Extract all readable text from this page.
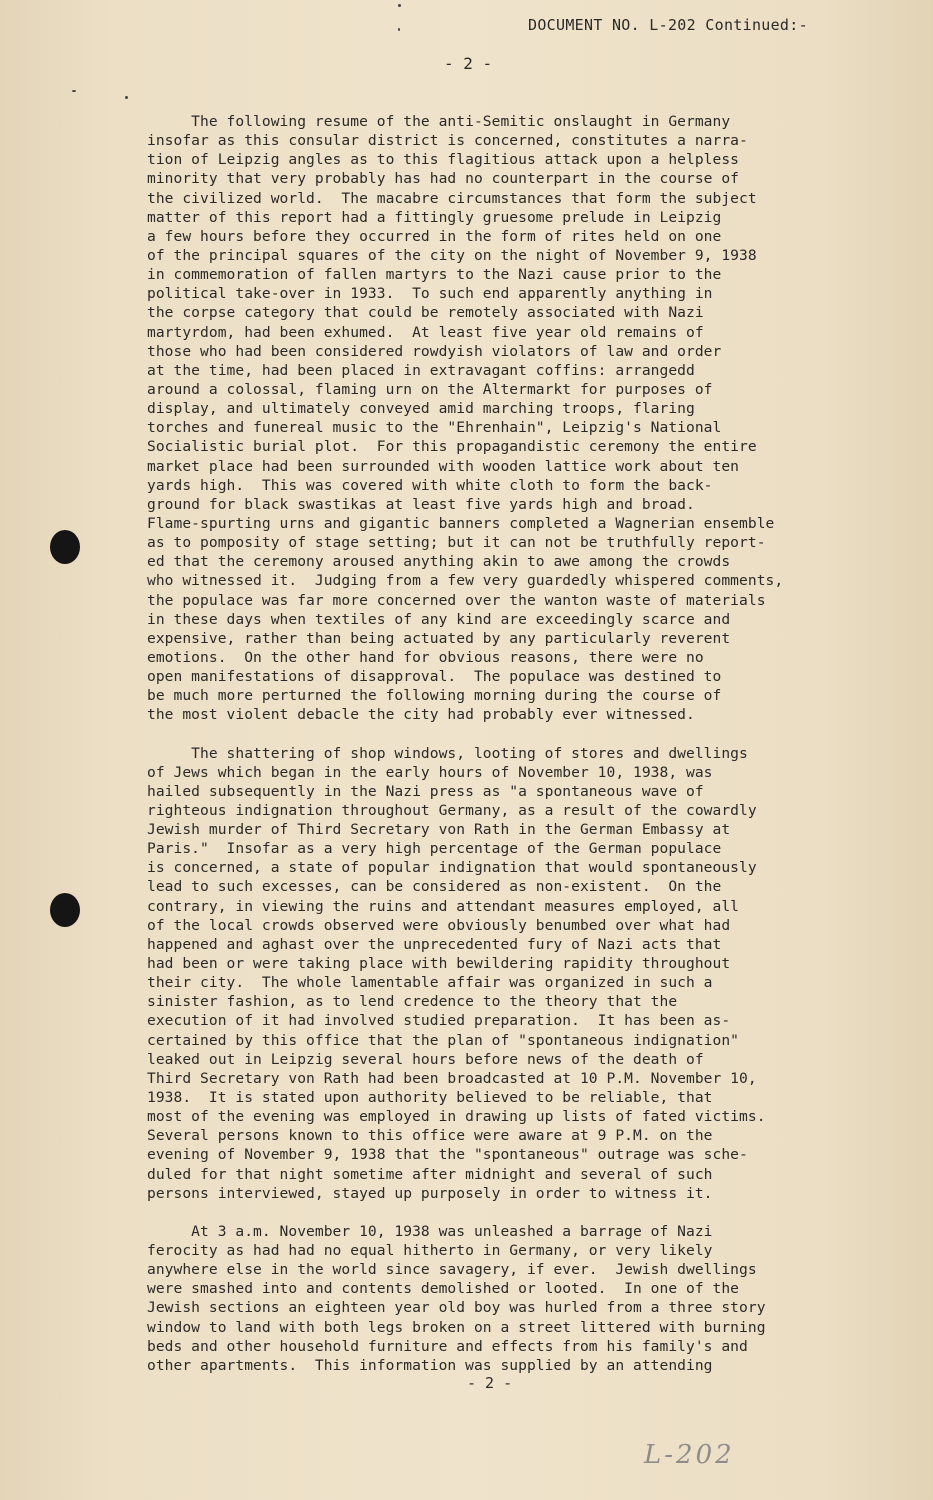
DOCUMENT NO. L-202 Continued:-
- 2 -
The following resume of the anti-Semitic onslaught in Germany
insofar as this consular district is concerned, constitutes a narra-
tion of Leipzig angles as to this flagitious attack upon a helpless
minority that very probably has had no counterpart in the course of
the civilized world.  The macabre circumstances that form the subject
matter of this report had a fittingly gruesome prelude in Leipzig
a few hours before they occurred in the form of rites held on one
of the principal squares of the city on the night of November 9, 1938
in commemoration of fallen martyrs to the Nazi cause prior to the
political take-over in 1933.  To such end apparently anything in
the corpse category that could be remotely associated with Nazi
martyrdom, had been exhumed.  At least five year old remains of
those who had been considered rowdyish violators of law and order
at the time, had been placed in extravagant coffins: arrangedd
around a colossal, flaming urn on the Altermarkt for purposes of
display, and ultimately conveyed amid marching troops, flaring
torches and funereal music to the "Ehrenhain", Leipzig's National
Socialistic burial plot.  For this propagandistic ceremony the entire
market place had been surrounded with wooden lattice work about ten
yards high.  This was covered with white cloth to form the back-
ground for black swastikas at least five yards high and broad.
Flame-spurting urns and gigantic banners completed a Wagnerian ensemble
as to pomposity of stage setting; but it can not be truthfully report-
ed that the ceremony aroused anything akin to awe among the crowds
who witnessed it.  Judging from a few very guardedly whispered comments,
the populace was far more concerned over the wanton waste of materials
in these days when textiles of any kind are exceedingly scarce and
expensive, rather than being actuated by any particularly reverent
emotions.  On the other hand for obvious reasons, there were no
open manifestations of disapproval.  The populace was destined to
be much more perturned the following morning during the course of
the most violent debacle the city had probably ever witnessed.
The shattering of shop windows, looting of stores and dwellings
of Jews which began in the early hours of November 10, 1938, was
hailed subsequently in the Nazi press as "a spontaneous wave of
righteous indignation throughout Germany, as a result of the cowardly
Jewish murder of Third Secretary von Rath in the German Embassy at
Paris."  Insofar as a very high percentage of the German populace
is concerned, a state of popular indignation that would spontaneously
lead to such excesses, can be considered as non-existent.  On the
contrary, in viewing the ruins and attendant measures employed, all
of the local crowds observed were obviously benumbed over what had
happened and aghast over the unprecedented fury of Nazi acts that
had been or were taking place with bewildering rapidity throughout
their city.  The whole lamentable affair was organized in such a
sinister fashion, as to lend credence to the theory that the
execution of it had involved studied preparation.  It has been as-
certained by this office that the plan of "spontaneous indignation"
leaked out in Leipzig several hours before news of the death of
Third Secretary von Rath had been broadcasted at 10 P.M. November 10,
1938.  It is stated upon authority believed to be reliable, that
most of the evening was employed in drawing up lists of fated victims.
Several persons known to this office were aware at 9 P.M. on the
evening of November 9, 1938 that the "spontaneous" outrage was sche-
duled for that night sometime after midnight and several of such
persons interviewed, stayed up purposely in order to witness it.
At 3 a.m. November 10, 1938 was unleashed a barrage of Nazi
ferocity as had had no equal hitherto in Germany, or very likely
anywhere else in the world since savagery, if ever.  Jewish dwellings
were smashed into and contents demolished or looted.  In one of the
Jewish sections an eighteen year old boy was hurled from a three story
window to land with both legs broken on a street littered with burning
beds and other household furniture and effects from his family's and
other apartments.  This information was supplied by an attending
- 2 -
L-202
